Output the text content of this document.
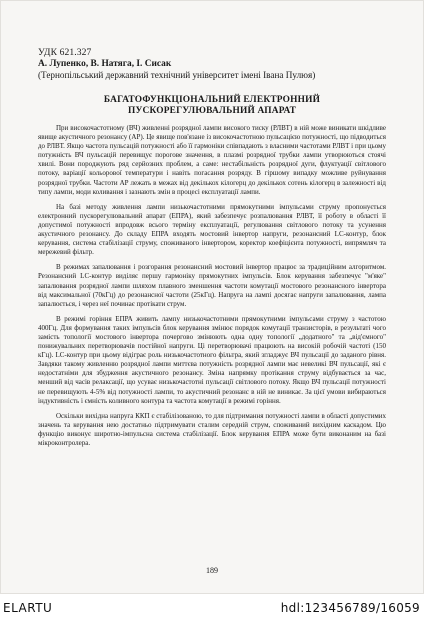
УДК 621.327
А. Лупенко, В. Натяга, І. Сисак
(Тернопільський державний технічний університет імені Івана Пулюя)
БАГАТОФУНКЦІОНАЛЬНИЙ ЕЛЕКТРОННИЙ
ПУСКОРЕГУЛЮВАЛЬНИЙ АПАРАТ

При високочастотному (ВЧ) живленні розрядної лампи високого тиску (РЛВТ) в ній може виникати шкідливе явище акустичного резонансу (АР). Це явище пов'язане із високочастотною пульсацією потужності, що підводиться до РЛВТ. Якщо частота пульсацій потужності або її гармоніки співпадають з власними частотами РЛВТ і при цьому потужність ВЧ пульсацій перевищує порогове значення, в плазмі розрядної трубки лампи утворюються стоячі хвилі. Вони породжують ряд серйозних проблем, а саме: нестабільність розрядної дуги, флуктуації світлового потоку, варіації кольорової температури і навіть погасання розряду. В гіршому випадку можливе руйнування розрядної трубки. Частоти АР лежать в межах від декількох кілогерц до декількох сотень кілогерц в залежності від типу лампи, моди коливання і зазнають змін в процесі експлуатації лампи.

На базі методу живлення лампи низькочастотними прямокутними імпульсами струму пропонується електронний пускорегулювальний апарат (ЕПРА), який забезпечує розпалювання РЛВТ, її роботу в області її допустимої потужності впродовж всього терміну експлуатації, регулювання світлового потоку та усунення акустичного резонансу. До складу ЕПРА входять мостовий інвертор напруги, резонансний LC-контур, блок керування, система стабілізації струму, споживаного інвертором, коректор коефіцієнта потужності, випрямляч та мережевий фільтр.

В режимах запалювання і розгорання резонансний мостовий інвертор працює за традиційним алгоритмом. Резонансний LC-контур виділяє першу гармоніку прямокутних імпульсів. Блок керування забезпечує "м'яке" запалювання розрядної лампи шляхом плавного зменшення частоти комутації мостового резонансного інвертора від максимальної (70кГц) до резонансної частоти (25кГц). Напруга на лампі досягає напруги запалювання, лампа запалюється, і через неї починає протікати струм.

В режимі горіння ЕПРА живить лампу низькочастотними прямокутними імпульсами струму з частотою 400Гц. Для формування таких імпульсів блок керування змінює порядок комутації транзисторів, в результаті чого замість топології мостового інвертора почергово змінюють одна одну топології „додатного" та „від'ємного" понижувальних перетворювачів постійної напруги. Ці перетворювачі працюють на високій робочій частоті (150 кГц). LC-контур при цьому відіграє роль низькочастотного фільтра, який згладжує ВЧ пульсації до заданого рівня. Завдяки такому живленню розрядної лампи миттєва потужність розрядної лампи має невеликі ВЧ пульсації, які є недостатніми для збудження акустичного резонансу. Зміна напрямку протікання струму відбувається за час, менший від часів релаксації, що усуває низькочастотні пульсації світлового потоку. Якщо ВЧ пульсації потужності не перевищують 4-5% від потужності лампи, то акустичний резонанс в ній не виникає. За цієї умови вибираються індуктивність і ємність коливного контура та частота комутації в режимі горіння.

Оскільки вихідна напруга ККП є стабілізованою, то для підтримання потужності лампи в області допустимих значень та керування нею достатньо підтримувати сталим середній струм, споживаний вихідним каскадом. Цю функцію виконує широтно-імпульсна система стабілізації. Блок керування ЕПРА може бути виконаним на базі мікроконтролера.

189
ELARTU	hdl:123456789/16059
